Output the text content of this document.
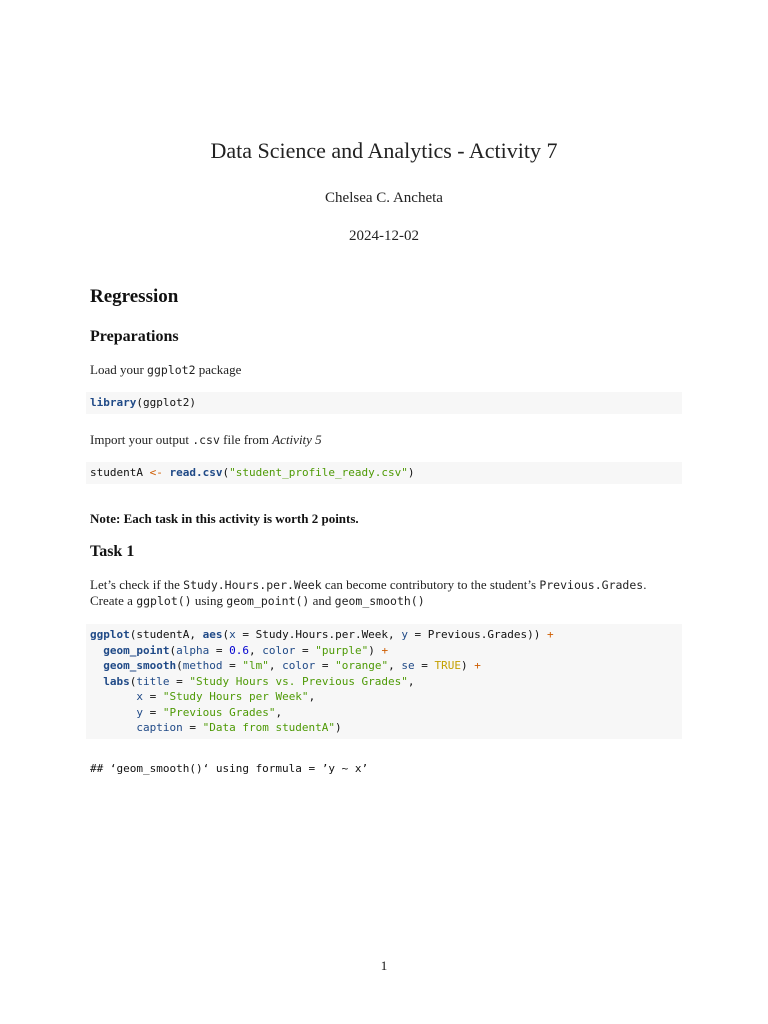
Data Science and Analytics - Activity 7
Chelsea C. Ancheta
2024-12-02
Regression
Preparations
Load your ggplot2 package
library(ggplot2)
Import your output .csv file from Activity 5
studentA <- read.csv("student_profile_ready.csv")
Note: Each task in this activity is worth 2 points.
Task 1
Let’s check if the Study.Hours.per.Week can become contributory to the student’s Previous.Grades.
Create a ggplot() using geom_point() and geom_smooth()
ggplot(studentA, aes(x = Study.Hours.per.Week, y = Previous.Grades)) +
geom_point(alpha = 0.6, color = "purple") +
geom_smooth(method = "lm", color = "orange", se = TRUE) +
labs(title = "Study Hours vs. Previous Grades",
x = "Study Hours per Week",
y = "Previous Grades",
caption = "Data from studentA")
## ‘geom_smooth()‘ using formula = ’y ~ x’
1
